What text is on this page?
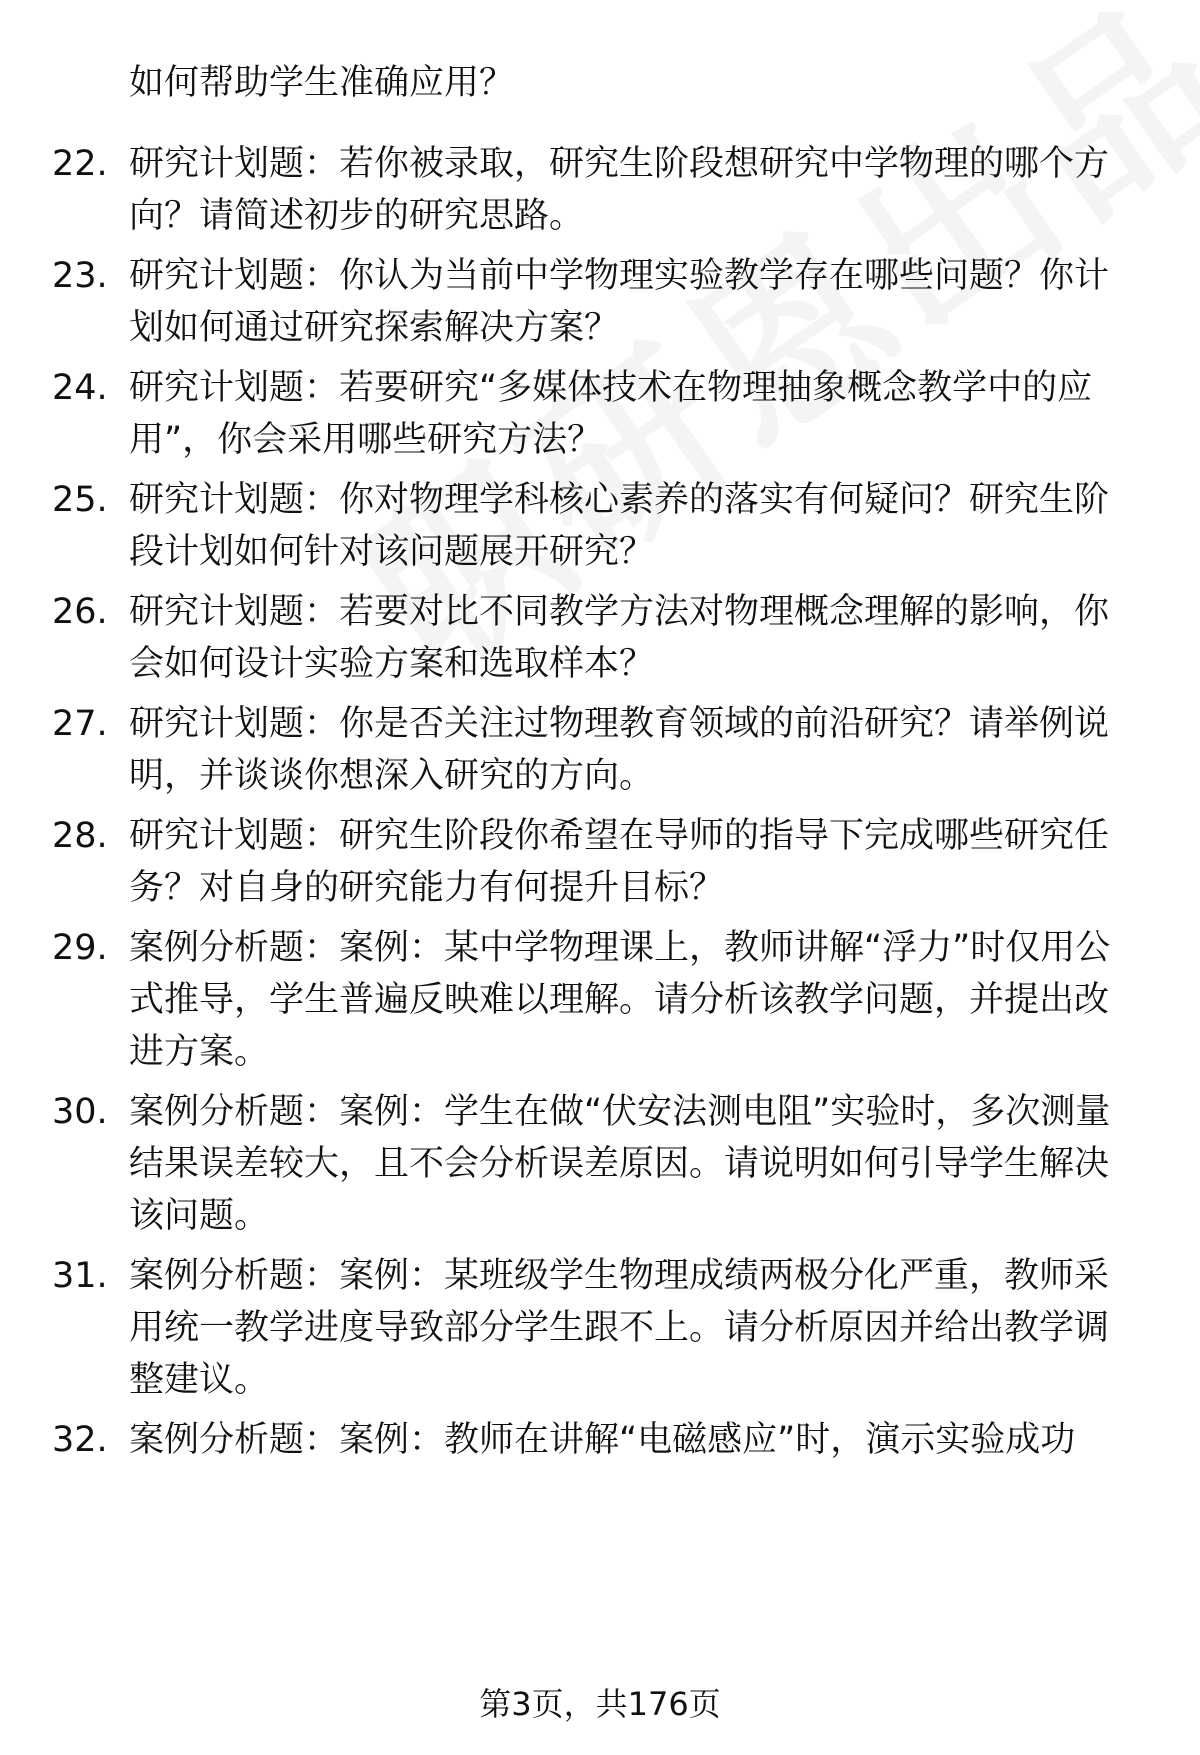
如何帮助学生准确应用？
22. 研究计划题：若你被录取，研究生阶段想研究中学物理的哪个方向？请简述初步的研究思路。
23. 研究计划题：你认为当前中学物理实验教学存在哪些问题？你计划如何通过研究探索解决方案？
24. 研究计划题：若要研究“多媒体技术在物理抽象概念教学中的应用”，你会采用哪些研究方法？
25. 研究计划题：你对物理学科核心素养的落实有何疑问？研究生阶段计划如何针对该问题展开研究？
26. 研究计划题：若要对比不同教学方法对物理概念理解的影响，你会如何设计实验方案和选取样本？
27. 研究计划题：你是否关注过物理教育领域的前沿研究？请举例说明，并谈谈你想深入研究的方向。
28. 研究计划题：研究生阶段你希望在导师的指导下完成哪些研究任务？对自身的研究能力有何提升目标？
29. 案例分析题：案例：某中学物理课上，教师讲解“浮力”时仅用公式推导，学生普遍反映难以理解。请分析该教学问题，并提出改进方案。
30. 案例分析题：案例：学生在做“伏安法测电阻”实验时，多次测量结果误差较大，且不会分析误差原因。请说明如何引导学生解决该问题。
31. 案例分析题：案例：某班级学生物理成绩两极分化严重，教师采用统一教学进度导致部分学生跟不上。请分析原因并给出教学调整建议。
32. 案例分析题：案例：教师在讲解“电磁感应”时，演示实验成功
第3页，共176页
